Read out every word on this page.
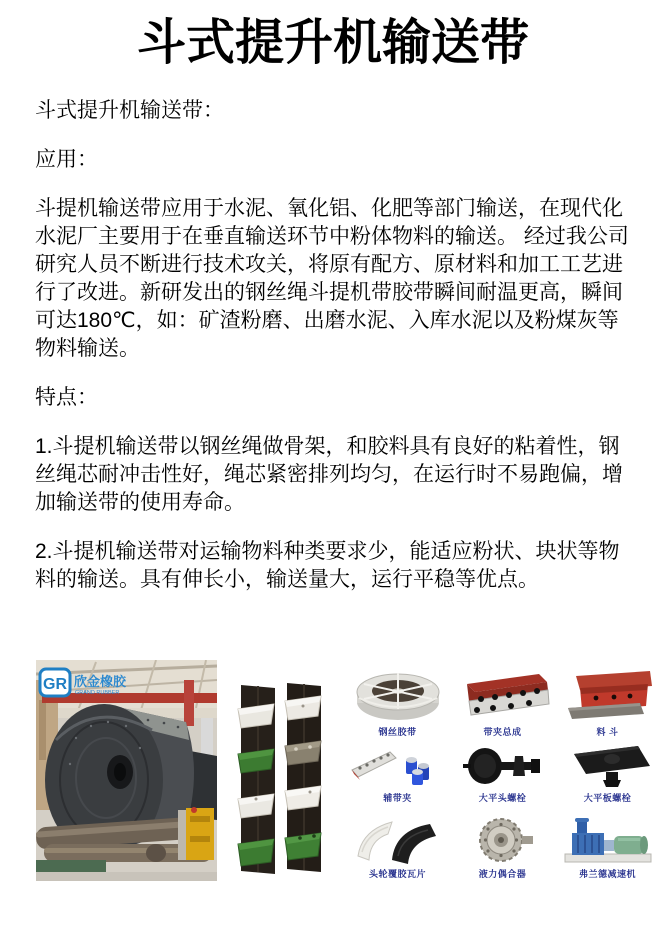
斗式提升机输送带

斗式提升机输送带：

应用：

斗提机输送带应用于水泥、氧化铝、化肥等部门输送，在现代化水泥厂主要用于在垂直输送环节中粉体物料的输送。 经过我公司研究人员不断进行技术攻关，将原有配方、原材料和加工工艺进行了改进。新研发出的钢丝绳斗提机带胶带瞬间耐温更高，瞬间可达180℃，如：矿渣粉磨、出磨水泥、入库水泥以及粉煤灰等物料输送。

特点：

1.斗提机输送带以钢丝绳做骨架，和胶料具有良好的粘着性，钢丝绳芯耐冲击性好，绳芯紧密排列均匀，在运行时不易跑偏，增加输送带的使用寿命。

2.斗提机输送带对运输物料种类要求少，能适应粉状、块状等物料的输送。具有伸长小，输送量大，运行平稳等优点。

GR 欣金橡胶
GRAND RUBBER
钢丝胶带	带夹总成	料 斗
辅带夹	大平头螺栓	大平板螺栓
头轮覆胶瓦片	液力偶合器	弗兰德减速机
